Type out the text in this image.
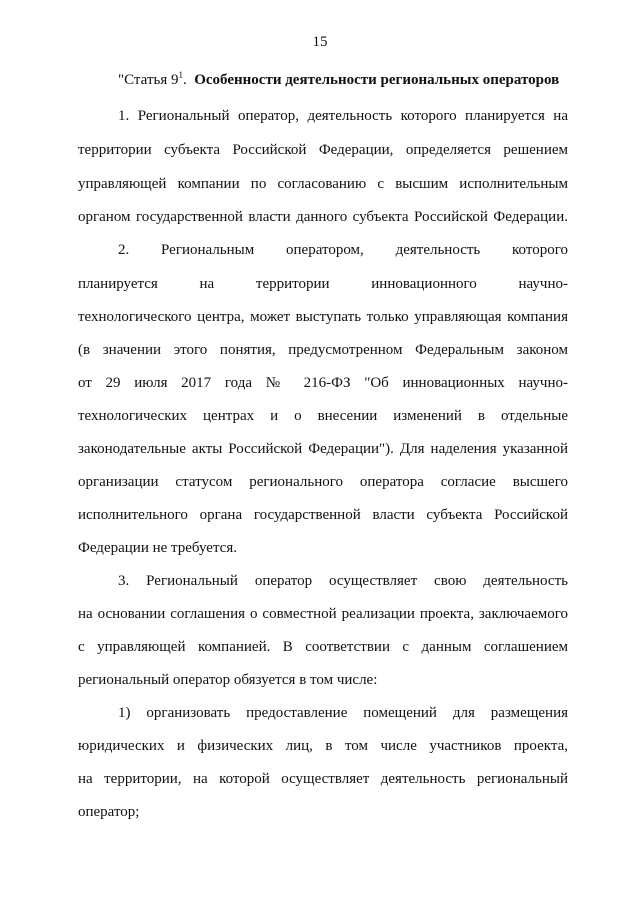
15
"Статья $9^1$. Особенности деятельности региональных операторов
1. Региональный оператор, деятельность которого планируется на
территории субъекта Российской Федерации, определяется решением
управляющей компании по согласованию с высшим исполнительным
органом государственной власти данного субъекта Российской Федерации.
2. Региональным оператором, деятельность которого
планируется на территории инновационного научно-
технологического центра, может выступать только управляющая компания
(в значении этого понятия, предусмотренном Федеральным законом
от 29 июля 2017 года № 216-ФЗ "Об инновационных научно-
технологических центрах и о внесении изменений в отдельные
законодательные акты Российской Федерации"). Для наделения указанной
организации статусом регионального оператора согласие высшего
исполнительного органа государственной власти субъекта Российской
Федерации не требуется.
3. Региональный оператор осуществляет свою деятельность
на основании соглашения о совместной реализации проекта, заключаемого
с управляющей компанией. В соответствии с данным соглашением
региональный оператор обязуется в том числе:
1) организовать предоставление помещений для размещения
юридических и физических лиц, в том числе участников проекта,
на территории, на которой осуществляет деятельность региональный
оператор;
